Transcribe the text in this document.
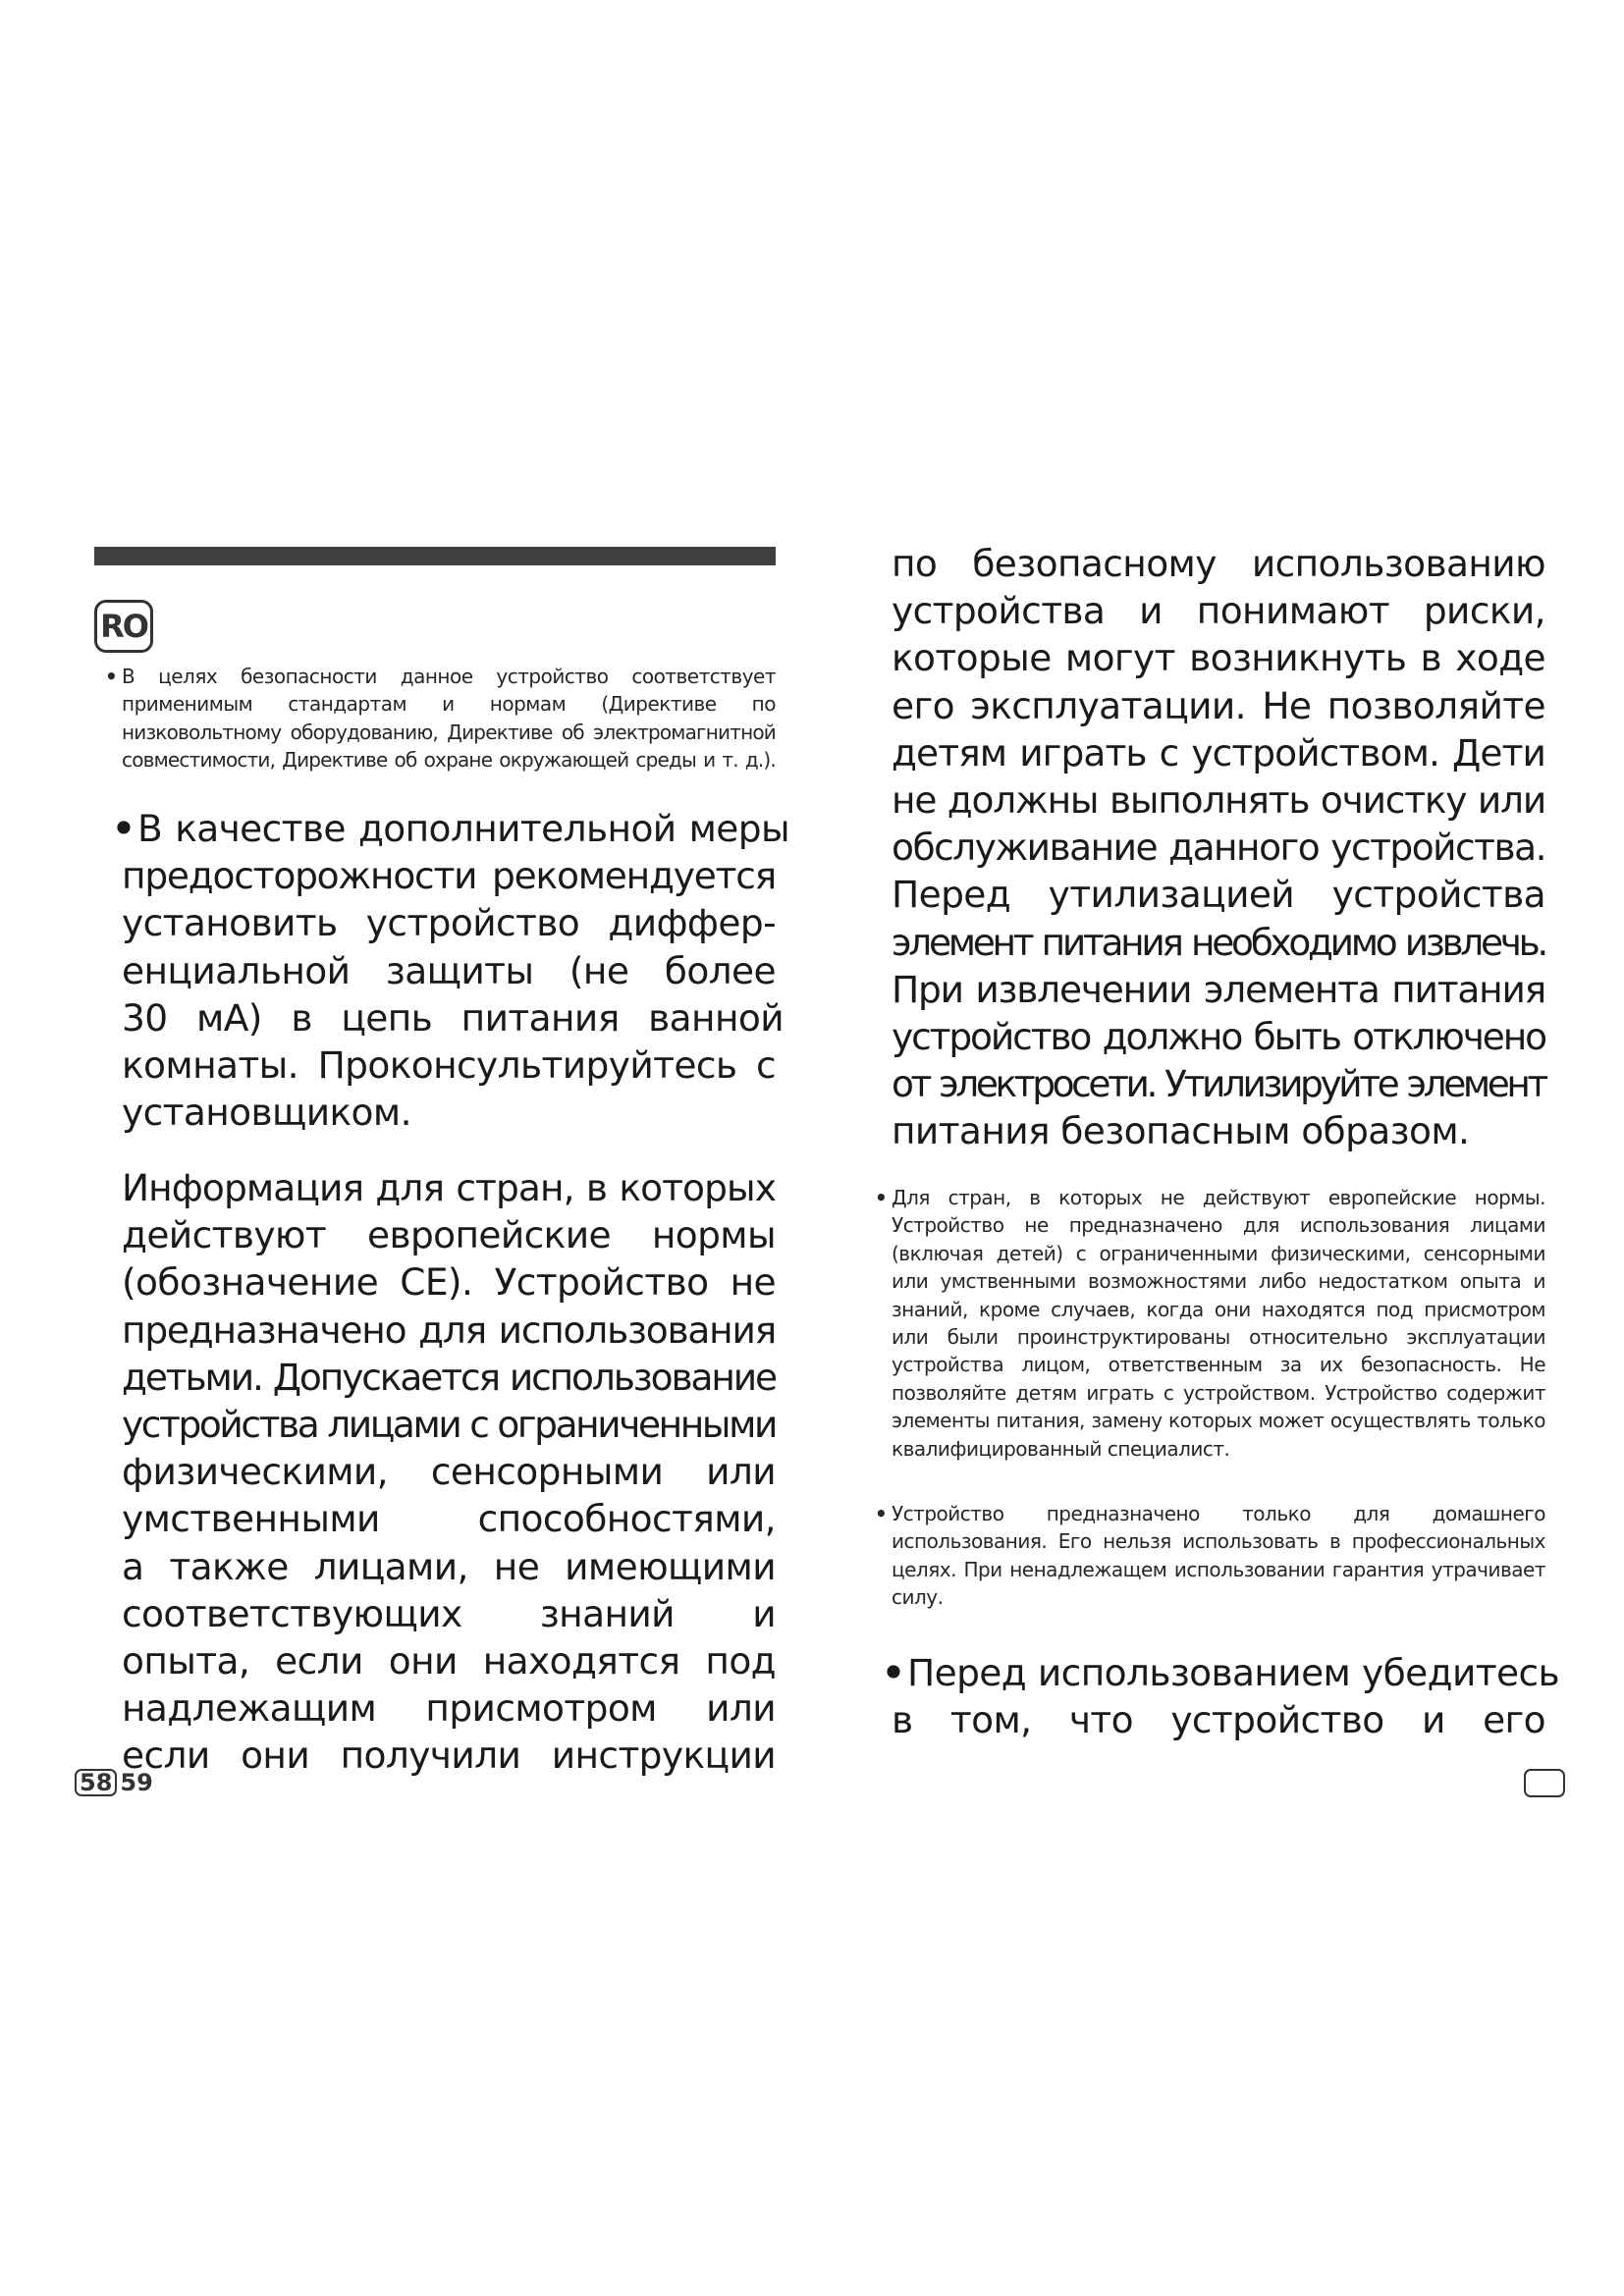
RO
• В целях безопасности данное устройство соответствует
применимым стандартам и нормам (Директиве по
низковольтному оборудованию, Директиве об электромагнитной
совместимости, Директиве об охране окружающей среды и т. д.).
• В качестве дополнительной меры
предосторожности рекомендуется
установить устройство диффер-
енциальной защиты (не более
30 мА) в цепь питания ванной
комнаты. Проконсультируйтесь с
установщиком.
Информация для стран, в которых
действуют европейские нормы
(обозначение CE). Устройство не
предназначено для использования
детьми. Допускается использование
устройства лицами с ограниченными
физическими, сенсорными или
умственными способностями,
а также лицами, не имеющими
соответствующих знаний и
опыта, если они находятся под
надлежащим присмотром или
если они получили инструкции
по безопасному использованию
устройства и понимают риски,
которые могут возникнуть в ходе
его эксплуатации. Не позволяйте
детям играть с устройством. Дети
не должны выполнять очистку или
обслуживание данного устройства.
Перед утилизацией устройства
элемент питания необходимо извлечь.
При извлечении элемента питания
устройство должно быть отключено
от электросети. Утилизируйте элемент
питания безопасным образом.
• Для стран, в которых не действуют европейские нормы.
Устройство не предназначено для использования лицами
(включая детей) с ограниченными физическими, сенсорными
или умственными возможностями либо недостатком опыта и
знаний, кроме случаев, когда они находятся под присмотром
или были проинструктированы относительно эксплуатации
устройства лицом, ответственным за их безопасность. Не
позволяйте детям играть с устройством. Устройство содержит
элементы питания, замену которых может осуществлять только
квалифицированный специалист.
• Устройство предназначено только для домашнего
использования. Его нельзя использовать в профессиональных
целях. При ненадлежащем использовании гарантия утрачивает
силу.
• Перед использованием убедитесь
в том, что устройство и его
58 59
